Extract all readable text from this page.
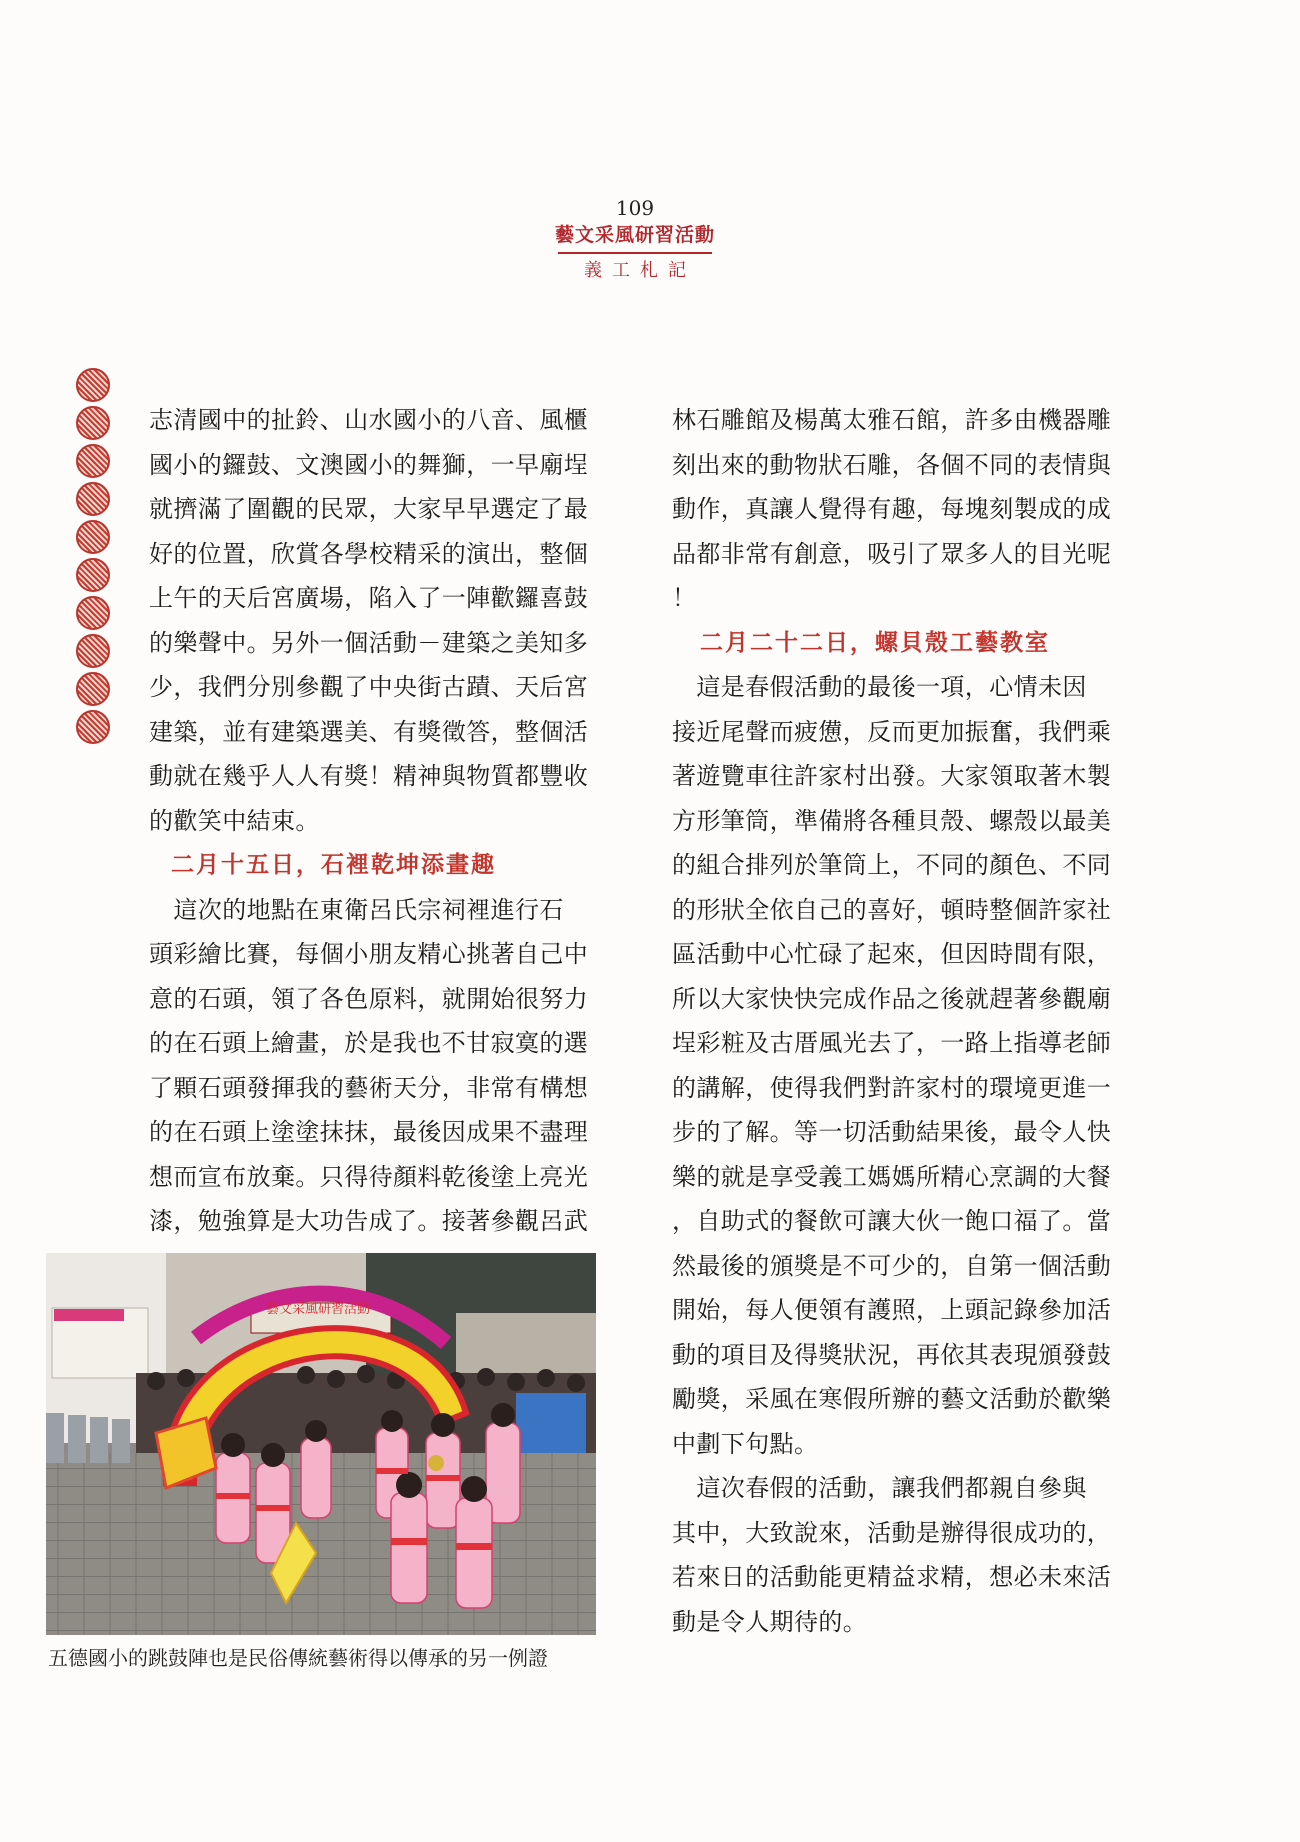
109
藝文采風研習活動
義工札記
志清國中的扯鈴、山水國小的八音、風櫃
國小的鑼鼓、文澳國小的舞獅，一早廟埕
就擠滿了圍觀的民眾，大家早早選定了最
好的位置，欣賞各學校精采的演出，整個
上午的天后宮廣場，陷入了一陣歡鑼喜鼓
的樂聲中。另外一個活動－建築之美知多
少，我們分別參觀了中央街古蹟、天后宮
建築，並有建築選美、有獎徵答，整個活
動就在幾乎人人有獎！精神與物質都豐收
的歡笑中結束。
二月十五日，石裡乾坤添畫趣
　這次的地點在東衛呂氏宗祠裡進行石
頭彩繪比賽，每個小朋友精心挑著自己中
意的石頭，領了各色原料，就開始很努力
的在石頭上繪畫，於是我也不甘寂寞的選
了顆石頭發揮我的藝術天分，非常有構想
的在石頭上塗塗抹抹，最後因成果不盡理
想而宣布放棄。只得待顏料乾後塗上亮光
漆，勉強算是大功告成了。接著參觀呂武
林石雕館及楊萬太雅石館，許多由機器雕
刻出來的動物狀石雕，各個不同的表情與
動作，真讓人覺得有趣，每塊刻製成的成
品都非常有創意，吸引了眾多人的目光呢
！
二月二十二日，螺貝殼工藝教室
　這是春假活動的最後一項，心情未因
接近尾聲而疲憊，反而更加振奮，我們乘
著遊覽車往許家村出發。大家領取著木製
方形筆筒，準備將各種貝殼、螺殼以最美
的組合排列於筆筒上，不同的顏色、不同
的形狀全依自己的喜好，頓時整個許家社
區活動中心忙碌了起來，但因時間有限，
所以大家快快完成作品之後就趕著參觀廟
埕彩粧及古厝風光去了，一路上指導老師
的講解，使得我們對許家村的環境更進一
步的了解。等一切活動結果後，最令人快
樂的就是享受義工媽媽所精心烹調的大餐
，自助式的餐飲可讓大伙一飽口福了。當
然最後的頒獎是不可少的，自第一個活動
開始，每人便領有護照，上頭記錄參加活
動的項目及得獎狀況，再依其表現頒發鼓
勵獎，采風在寒假所辦的藝文活動於歡樂
中劃下句點。
　這次春假的活動，讓我們都親自參與
其中，大致說來，活動是辦得很成功的，
若來日的活動能更精益求精，想必未來活
動是令人期待的。
藝文采風研習活動
五德國小的跳鼓陣也是民俗傳統藝術得以傳承的另一例證
